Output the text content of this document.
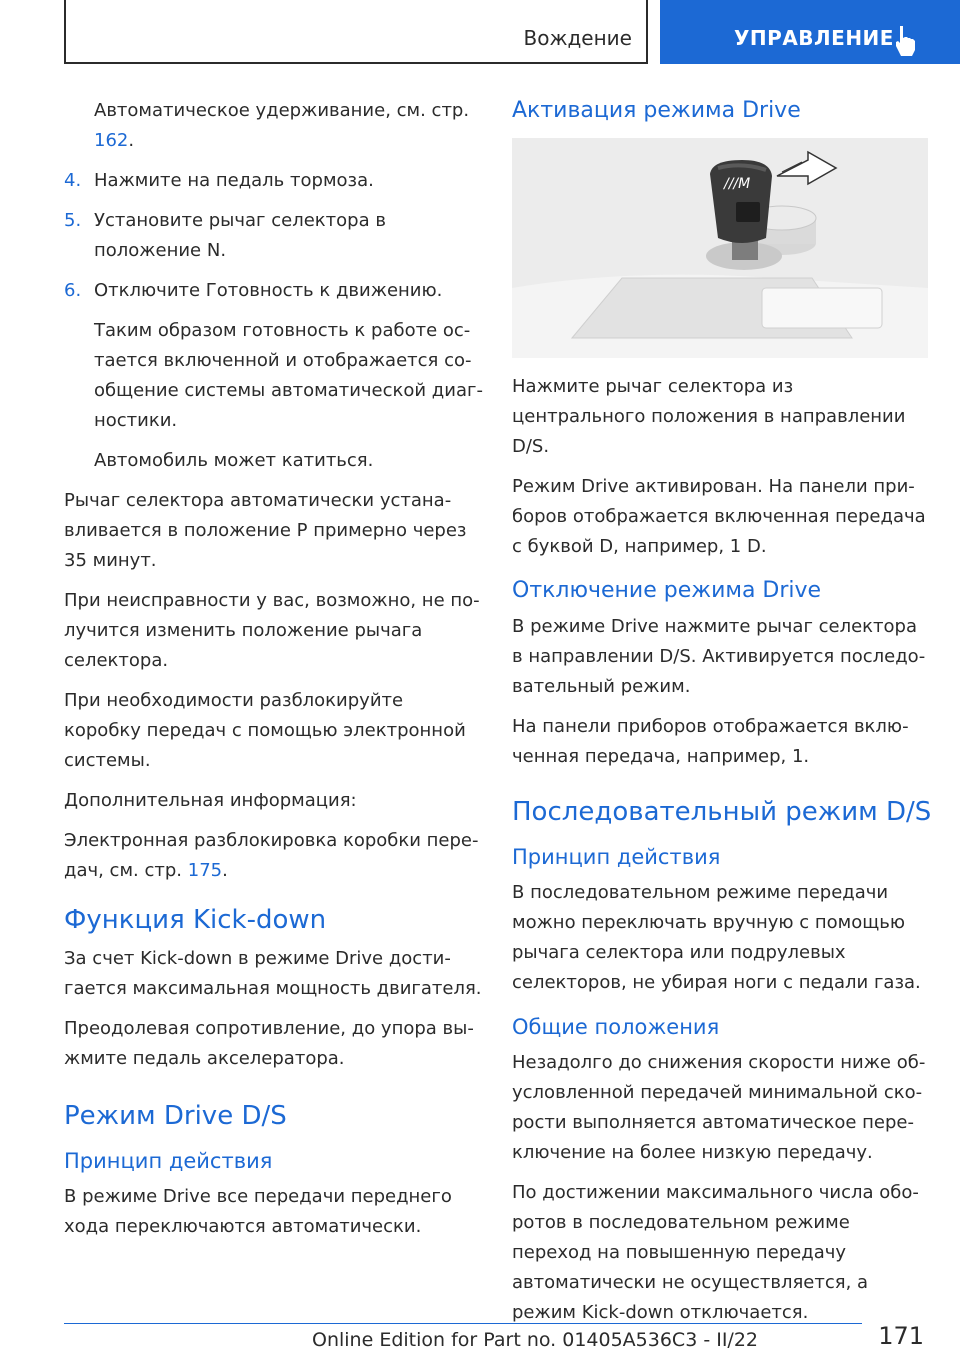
Вождение	УПРАВЛЕНИЕ

Автоматическое удерживание, см. стр. 162.

4. Нажмите на педаль тормоза.
5. Установите рычаг селектора в положение N.
6. Отключите Готовность к движению.

Таким образом готовность к работе остается включенной и отображается сообщение системы автоматической диагностики.

Автомобиль может катиться.

Рычаг селектора автоматически устанавливается в положение P примерно через 35 минут.

При неисправности у вас, возможно, не получится изменить положение рычага селектора.

При необходимости разблокируйте коробку передач с помощью электронной системы.

Дополнительная информация:

Электронная разблокировка коробки передач, см. стр. 175.

Функция Kick-down

За счет Kick-down в режиме Drive достигается максимальная мощность двигателя.

Преодолевая сопротивление, до упора выжмите педаль акселератора.

Режим Drive D/S
Принцип действия

В режиме Drive все передачи переднего хода переключаются автоматически.

Активация режима Drive
///M

Нажмите рычаг селектора из центрального положения в направлении D/S.

Режим Drive активирован. На панели приборов отображается включенная передача с буквой D, например, 1 D.

Отключение режима Drive

В режиме Drive нажмите рычаг селектора в направлении D/S. Активируется последовательный режим.

На панели приборов отображается включенная передача, например, 1.

Последовательный режим D/S
Принцип действия

В последовательном режиме передачи можно переключать вручную с помощью рычага селектора или подрулевых селекторов, не убирая ноги с педали газа.

Общие положения

Незадолго до снижения скорости ниже обусловленной передачей минимальной скорости выполняется автоматическое переключение на более низкую передачу.

По достижении максимального числа оборотов в последовательном режиме переход на повышенную передачу автоматически не осуществляется, а режим Kick-down отключается.

171
Online Edition for Part no. 01405A536C3 - II/22
